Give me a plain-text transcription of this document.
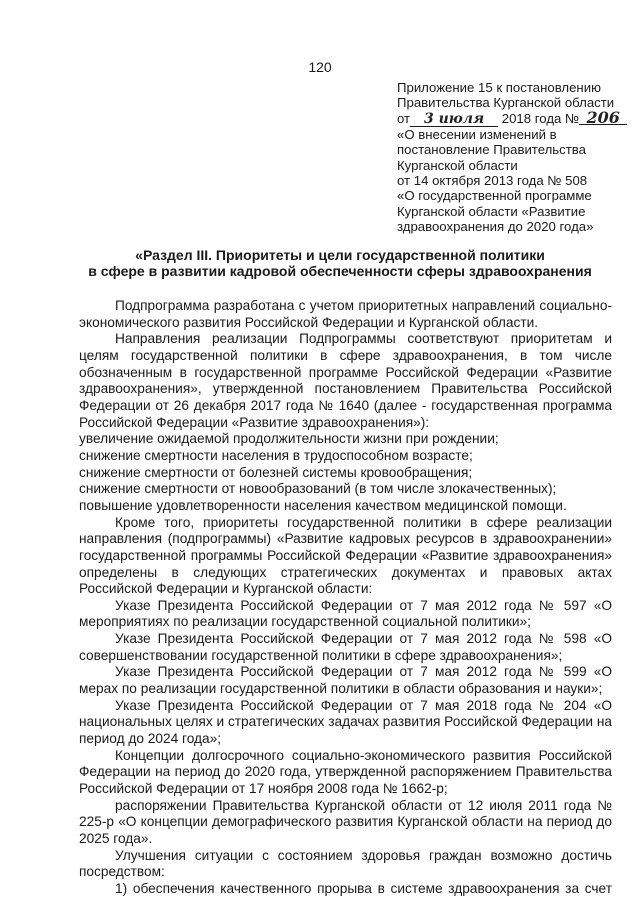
120
Приложение 15 к постановлению
Правительства Курганской области
от 3 июля 2018 года № 206
«О внесении изменений в
постановление Правительства
Курганской области
от 14 октября 2013 года № 508
«О государственной программе
Курганской области «Развитие
здравоохранения до 2020 года»
«Раздел III. Приоритеты и цели государственной политики
в сфере в развитии кадровой обеспеченности сферы здравоохранения

Подпрограмма разработана с учетом приоритетных направлений социально-экономического развития Российской Федерации и Курганской области.

Направления реализации Подпрограммы соответствуют приоритетам и целям государственной политики в сфере здравоохранения, в том числе обозначенным в государственной программе Российской Федерации «Развитие здравоохранения», утвержденной постановлением Правительства Российской Федерации от 26 декабря 2017 года № 1640 (далее - государственная программа Российской Федерации «Развитие здравоохранения»):

увеличение ожидаемой продолжительности жизни при рождении;

снижение смертности населения в трудоспособном возрасте;

снижение смертности от болезней системы кровообращения;

снижение смертности от новообразований (в том числе злокачественных);

повышение удовлетворенности населения качеством медицинской помощи.

Кроме того, приоритеты государственной политики в сфере реализации направления (подпрограммы) «Развитие кадровых ресурсов в здравоохранении» государственной программы Российской Федерации «Развитие здравоохранения» определены в следующих стратегических документах и правовых актах Российской Федерации и Курганской области:

Указе Президента Российской Федерации от 7 мая 2012 года № 597 «О мероприятиях по реализации государственной социальной политики»;

Указе Президента Российской Федерации от 7 мая 2012 года № 598 «О совершенствовании государственной политики в сфере здравоохранения»;

Указе Президента Российской Федерации от 7 мая 2012 года № 599 «О мерах по реализации государственной политики в области образования и науки»;

Указе Президента Российской Федерации от 7 мая 2018 года № 204 «О национальных целях и стратегических задачах развития Российской Федерации на период до 2024 года»;

Концепции долгосрочного социально-экономического развития Российской Федерации на период до 2020 года, утвержденной распоряжением Правительства Российской Федерации от 17 ноября 2008 года № 1662-р;

распоряжении Правительства Курганской области от 12 июля 2011 года № 225-р «О концепции демографического развития Курганской области на период до 2025 года».

Улучшения ситуации с состоянием здоровья граждан возможно достичь посредством:

1) обеспечения качественного прорыва в системе здравоохранения за счет
